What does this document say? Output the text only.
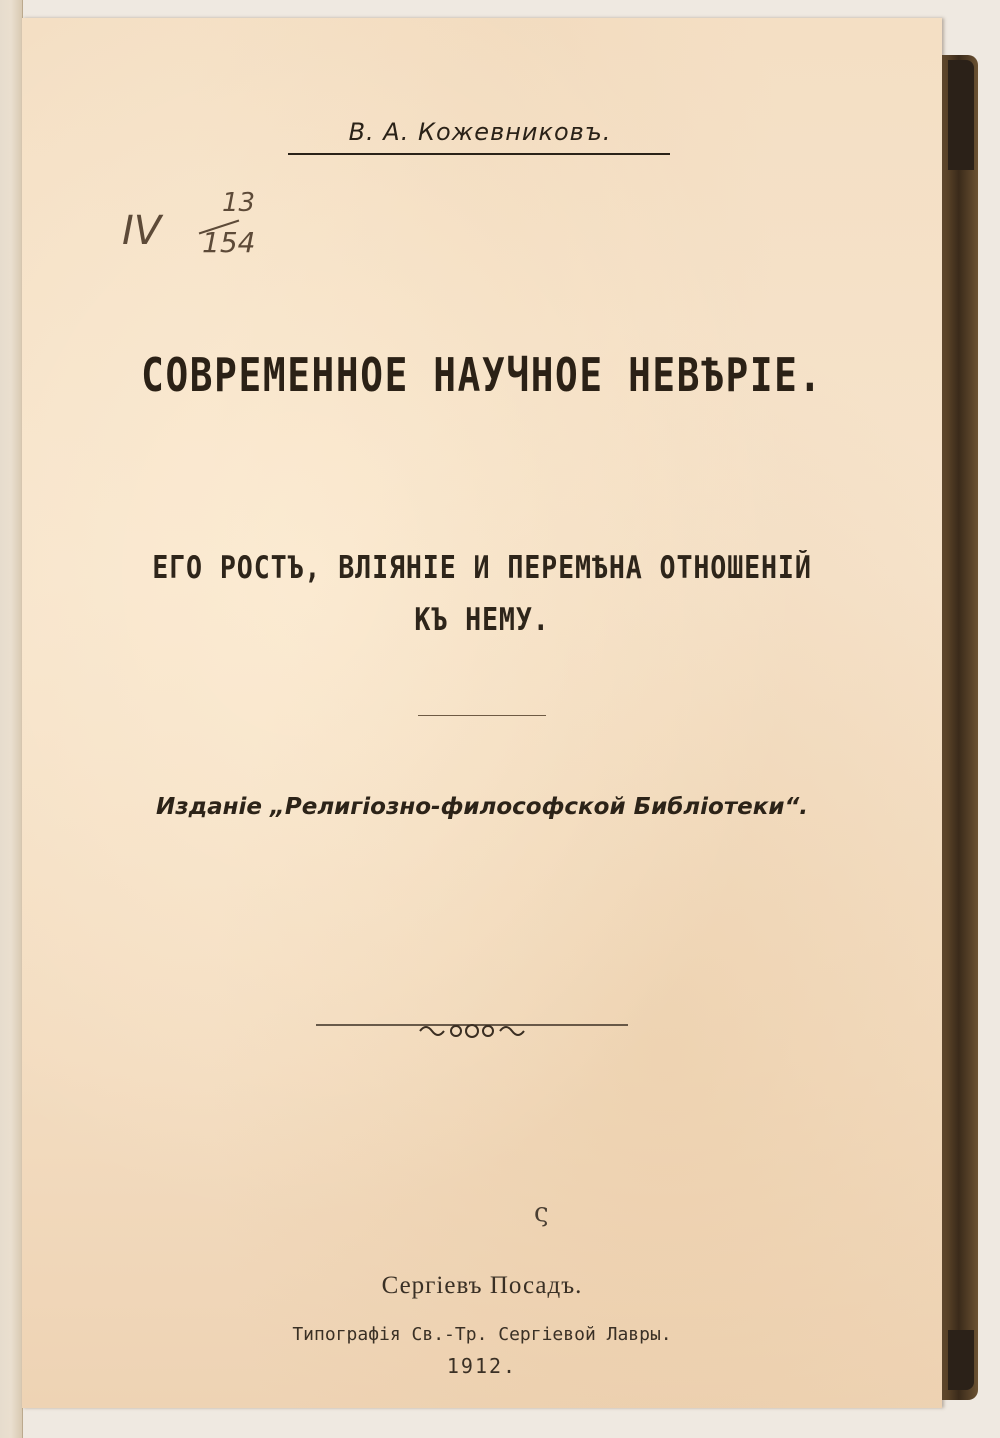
В. А. Кожевниковъ.
IV
13
154
СОВРЕМЕННОЕ НАУЧНОЕ НЕВѢРІЕ.
ЕГО РОСТЪ, ВЛІЯНІЕ И ПЕРЕМѢНА ОТНОШЕНІЙ
КЪ НЕМУ.
Изданіе „Религіозно-философской Библіотеки“.
ς
Сергіевъ Посадъ.
Типографія Св.-Тр. Сергіевой Лавры.
1912.
